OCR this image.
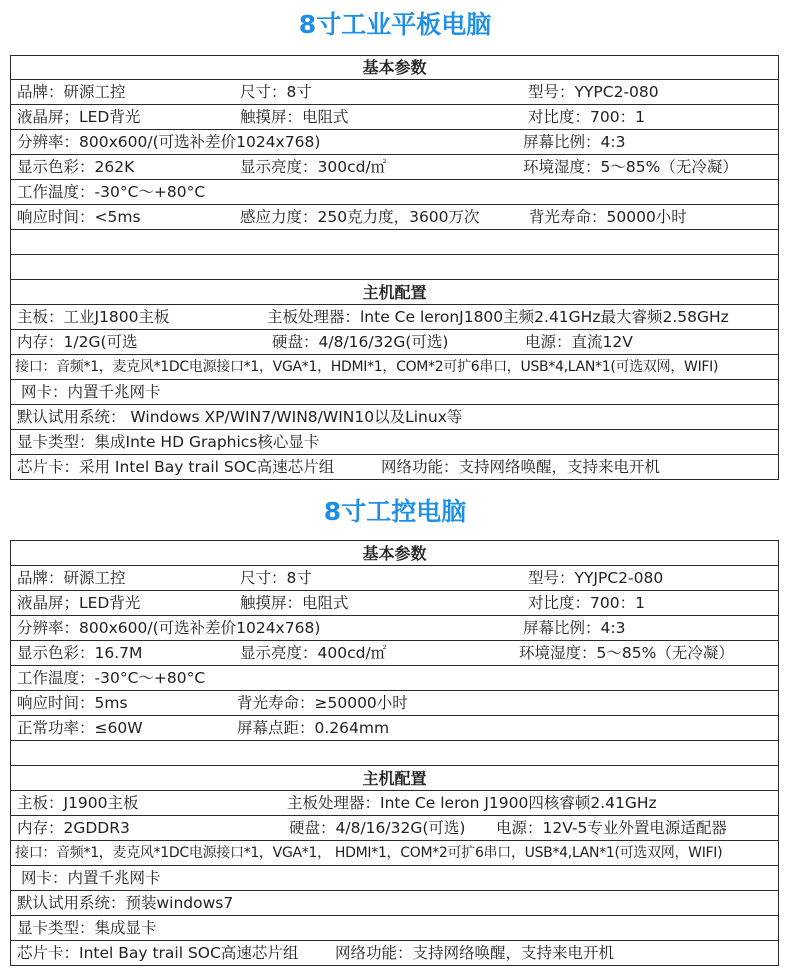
8寸工业平板电脑
基本参数
品牌：研源工控	尺寸：8寸	型号：YYPC2-080
液晶屏；LED背光	触摸屏：电阻式	对比度：700：1
分辨率：800x600/(可选补差价1024x768)	屏幕比例：4:3
显示色彩：262K	显示亮度：300cd/㎡	环境湿度：5～85%（无冷凝）
工作温度：-30°C～+80°C
响应时间：<5ms	感应力度：250克力度，3600万次	背光寿命：50000小时
主机配置
主板：工业J1800主板	主板处理器：lnte Ce leronJ1800主频2.41GHz最大睿频2.58GHz
内存：1/2G(可选	硬盘：4/8/16/32G(可选)	电源：直流12V
接口：音频*1，麦克风*1DC电源接口*1，VGA*1，HDMI*1，COM*2可扩6串口，USB*4,LAN*1(可选双网，WIFI)
网卡：内置千兆网卡
默认试用系统： Windows XP/WIN7/WIN8/WIN10以及Linux等
显卡类型：集成Inte HD Graphics核心显卡
芯片卡：采用 Intel Bay trail SOC高速芯片组	网络功能：支持网络唤醒，支持来电开机
8寸工控电脑
基本参数
品牌：研源工控	尺寸：8寸	型号：YYJPC2-080
液晶屏；LED背光	触摸屏：电阻式	对比度：700：1
分辨率：800x600/(可选补差价1024x768)	屏幕比例：4:3
显示色彩：16.7M	显示亮度：400cd/㎡	环境湿度：5～85%（无冷凝）
工作温度：-30°C～+80°C
响应时间：5ms	背光寿命：≥50000小时
正常功率：≤60W	屏幕点距：0.264mm
主机配置
主板：J1900主板	主板处理器：Inte Ce leron J1900四核睿顿2.41GHz
内存：2GDDR3	硬盘：4/8/16/32G(可选) 电源：12V-5专业外置电源适配器
接口：音频*1，麦克风*1DC电源接口*1，VGA*1， HDMI*1，COM*2可扩6串口，USB*4,LAN*1(可选双网，WIFI)
网卡：内置千兆网卡
默认试用系统：预装windows7
显卡类型：集成显卡
芯片卡：Intel Bay trail SOC高速芯片组 网络功能：支持网络唤醒，支持来电开机
